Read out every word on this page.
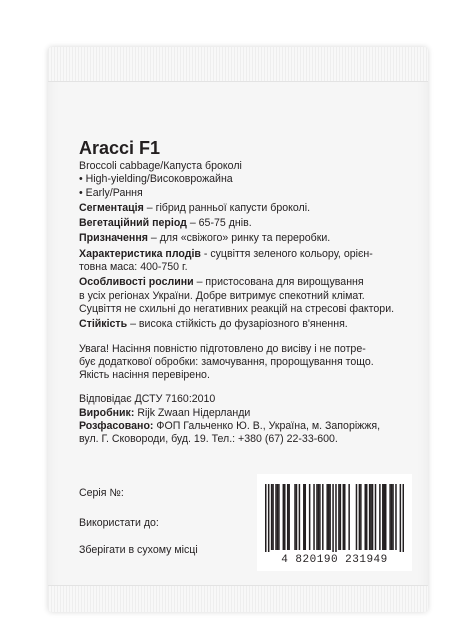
Aracci F1
Broccoli cabbage/Капуста броколі
• High-yielding/Високоврожайна
• Early/Рання
Сегментація – гібрид ранньої капусти броколі.
Вегетаційний період – 65-75 днів.
Призначення – для «свіжого» ринку та переробки.
Характеристика плодів - суцвіття зеленого кольору, орієн-
товна маса: 400-750 г.
Особливості рослини – пристосована для вирощування
в усіх регіонах України. Добре витримує спекотний клімат.
Суцвіття не схильні до негативних реакцій на стресові фактори.
Стійкість – висока стійкість до фузаріозного в'янення.
Увага! Насіння повністю підготовлено до висіву і не потре-
бує додаткової обробки: замочування, пророщування тощо.
Якість насіння перевірено.
Відповідає ДСТУ 7160:2010
Виробник: Rijk Zwaan Нідерланди
Розфасовано: ФОП Гальченко Ю. В., Україна, м. Запоріжжя,
вул. Г. Сковороди, буд. 19. Тел.: +380 (67) 22-33-600.
Серія №:
Використати до:
Зберігати в сухому місці
4 820190 231949
